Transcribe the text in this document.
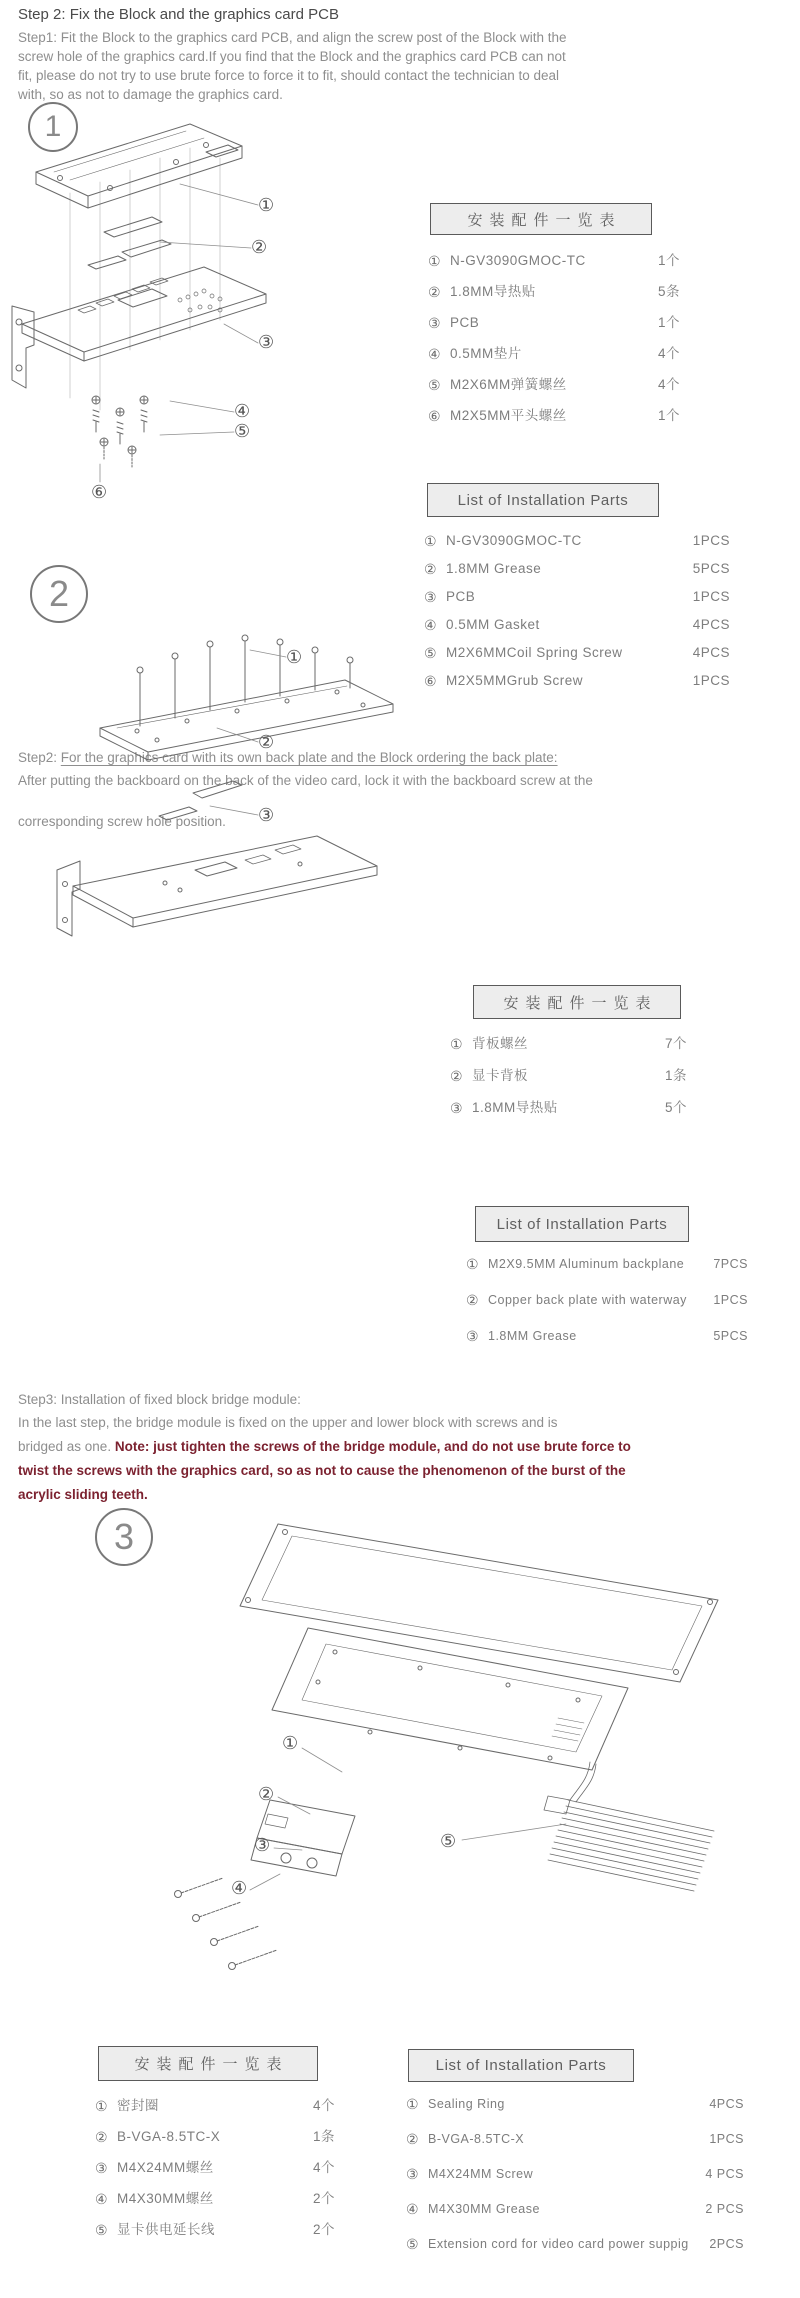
Step 2: Fix the Block and the graphics card PCB
Step1: Fit the Block to the graphics card PCB, and align the screw post of the Block with the
screw hole of the graphics card.If you find that the Block and the graphics card PCB can not
fit, please do not try to use brute force to force it to fit, should contact the technician to deal
with, so as not to damage the graphics card.
1
①
②
③
④
⑤
⑥
安装配件一览表
① N-GV3090GMOC-TC	1个
② 1.8MM导热贴	5条
③ PCB	1个
④ 0.5MM垫片	4个
⑤ M2X6MM弹簧螺丝	4个
⑥ M2X5MM平头螺丝	1个
List of Installation Parts
① N-GV3090GMOC-TC	1PCS
② 1.8MM Grease	5PCS
③ PCB	1PCS
④ 0.5MM Gasket	4PCS
⑤ M2X6MMCoil Spring Screw	4PCS
⑥ M2X5MMGrub Screw	1PCS
Step2: For the graphics card with its own back plate and the Block ordering the back plate:
After putting the backboard on the back of the video card, lock it with the backboard screw at the
corresponding screw hole position.
2
①
②
③
安装配件一览表
① 背板螺丝	7个
② 显卡背板	1条
③ 1.8MM导热贴	5个
List of Installation Parts
① M2X9.5MM Aluminum backplane 7PCS
② Copper back plate with waterway 1PCS
③ 1.8MM Grease	5PCS
Step3: Installation of fixed block bridge module:
In the last step, the bridge module is fixed on the upper and lower block with screws and is
bridged as one. Note: just tighten the screws of the bridge module, and do not use brute force to
twist the screws with the graphics card, so as not to cause the phenomenon of the burst of the
acrylic sliding teeth.
3
①
②
③
④
⑤
安装配件一览表
① 密封圈	4个
② B-VGA-8.5TC-X	1条
③ M4X24MM螺丝	4个
④ M4X30MM螺丝	2个
⑤ 显卡供电延长线	2个
List of Installation Parts
① Sealing Ring	4PCS
② B-VGA-8.5TC-X	1PCS
③ M4X24MM Screw	4 PCS
④ M4X30MM Grease	2 PCS
⑤ Extension cord for video card power suppig 2PCS
